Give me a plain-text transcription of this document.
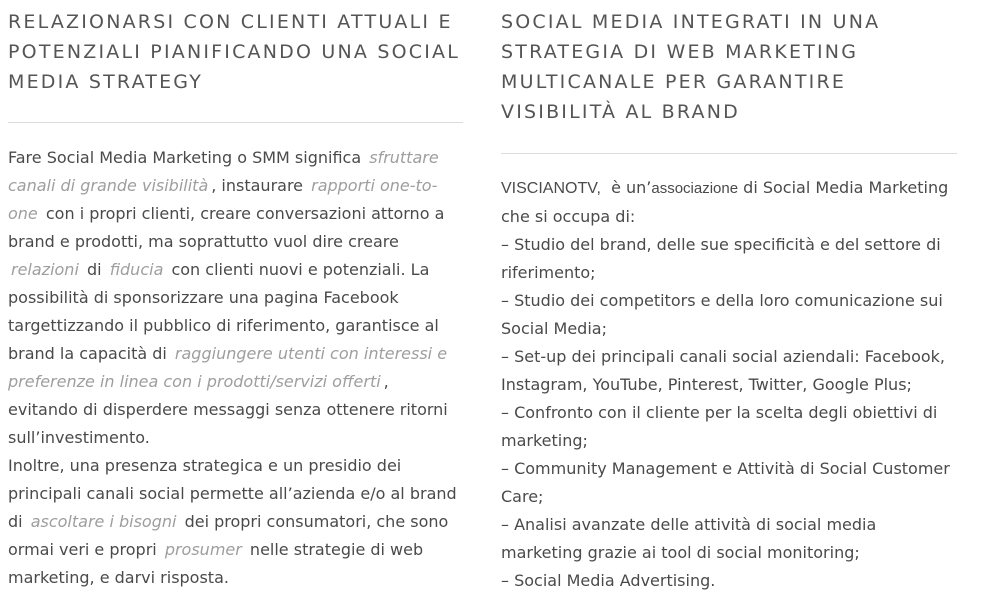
RELAZIONARSI CON CLIENTI ATTUALI E POTENZIALI PIANIFICANDO UNA SOCIAL MEDIA STRATEGY

Fare Social Media Marketing o SMM significa sfruttare canali di grande visibilità , instaurare rapporti one-to-one con i propri clienti, creare conversazioni attorno a brand e prodotti, ma soprattutto vuol dire creare relazioni di fiducia con clienti nuovi e potenziali. La possibilità di sponsorizzare una pagina Facebook targettizzando il pubblico di riferimento, garantisce al brand la capacità di raggiungere utenti con interessi e preferenze in linea con i prodotti/servizi offerti , evitando di disperdere messaggi senza ottenere ritorni sull’investimento.

Inoltre, una presenza strategica e un presidio dei principali canali social permette all’azienda e/o al brand di ascoltare i bisogni dei propri consumatori, che sono ormai veri e propri prosumer nelle strategie di web marketing, e darvi risposta.

SOCIAL MEDIA INTEGRATI IN UNA STRATEGIA DI WEB MARKETING MULTICANALE PER GARANTIRE VISIBILITÀ AL BRAND

VISCIANOTV, è un’associazione di Social Media Marketing che si occupa di:

– Studio del brand, delle sue specificità e del settore di riferimento;
– Studio dei competitors e della loro comunicazione sui Social Media;
– Set-up dei principali canali social aziendali: Facebook, Instagram, YouTube, Pinterest, Twitter, Google Plus;
– Confronto con il cliente per la scelta degli obiettivi di marketing;
– Community Management e Attività di Social Customer Care;
– Analisi avanzate delle attività di social media marketing grazie ai tool di social monitoring;
– Social Media Advertising.
